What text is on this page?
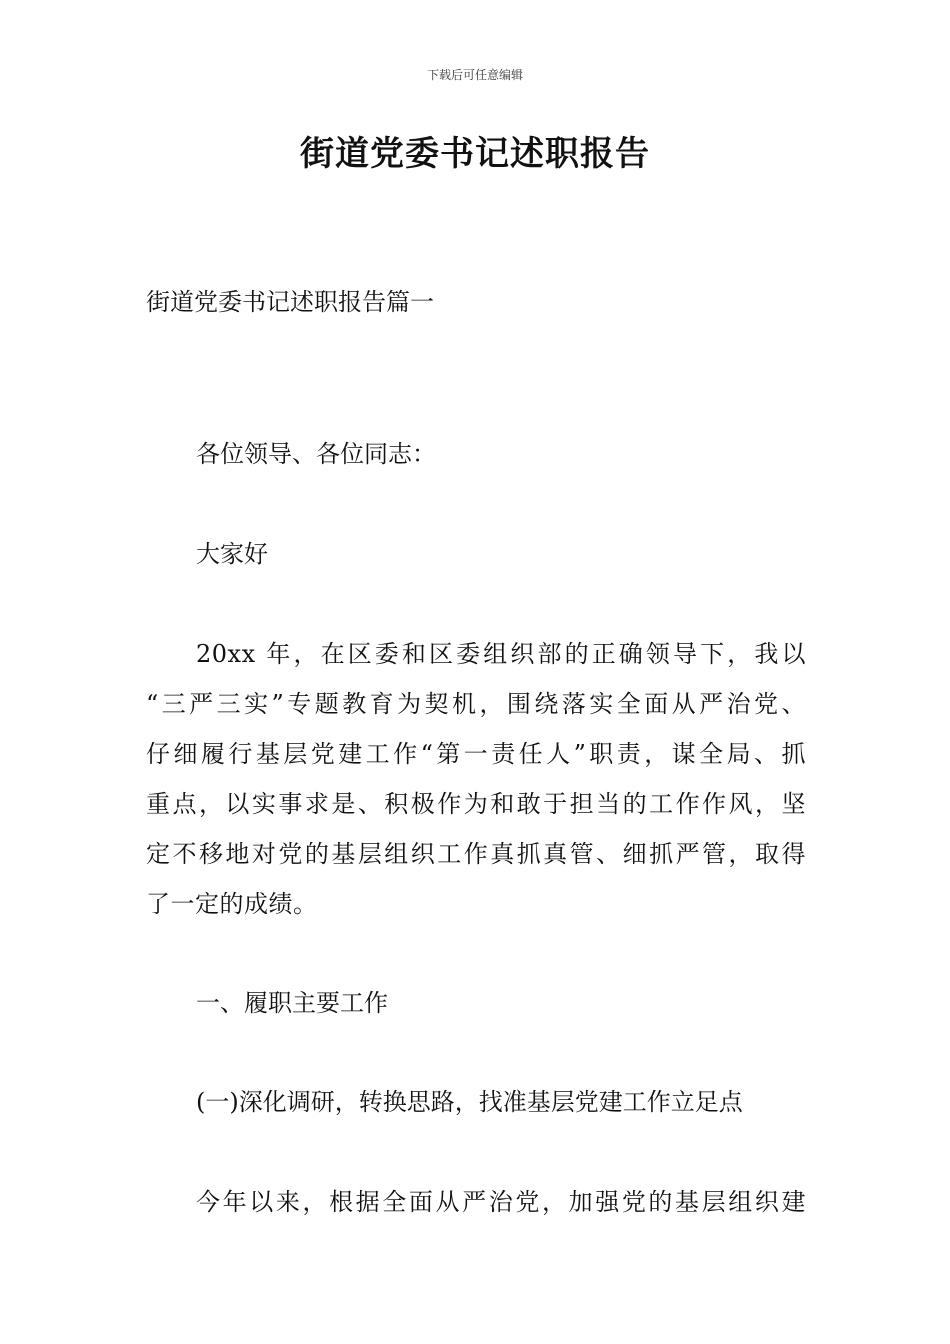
下载后可任意编辑
街道党委书记述职报告
街道党委书记述职报告篇一
各位领导、各位同志：
大家好
20xx 年，在区委和区委组织部的正确领导下，我以
“三严三实”专题教育为契机，围绕落实全面从严治党、
仔细履行基层党建工作“第一责任人”职责，谋全局、抓
重点，以实事求是、积极作为和敢于担当的工作作风，坚
定不移地对党的基层组织工作真抓真管、细抓严管，取得
了一定的成绩。
一、履职主要工作
(一)深化调研，转换思路，找准基层党建工作立足点
今年以来，根据全面从严治党，加强党的基层组织建
